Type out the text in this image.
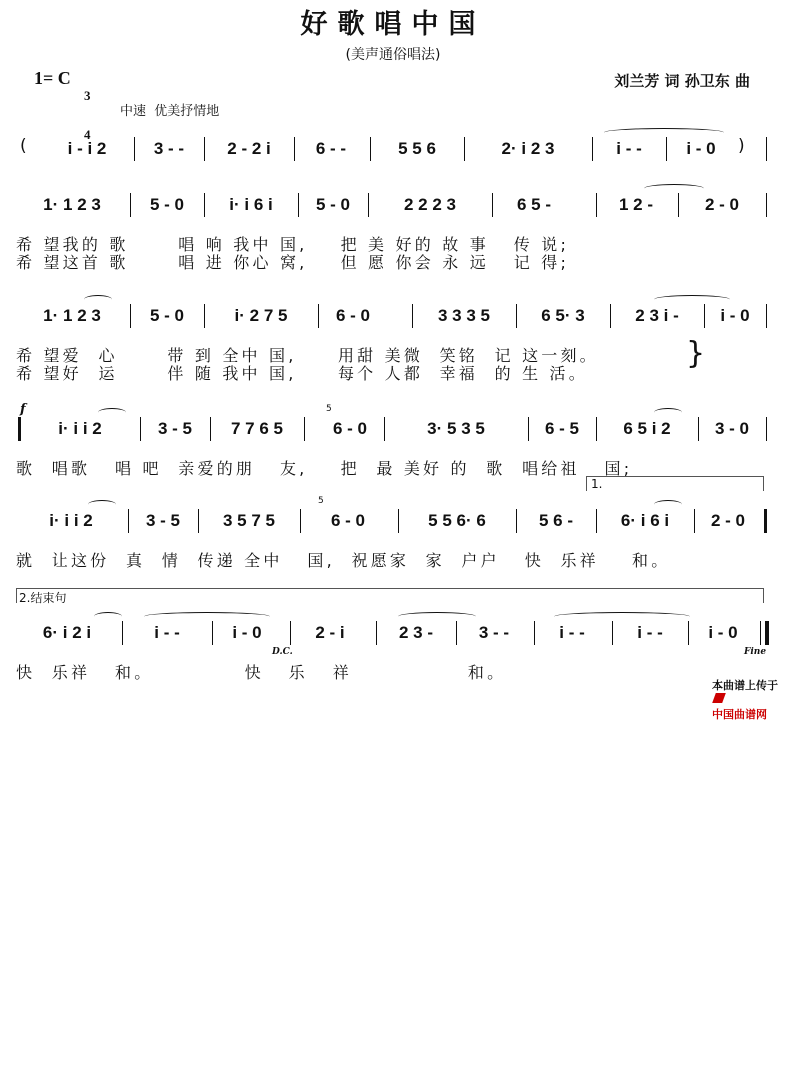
好歌唱中国
(美声通俗唱法)
1= C

3

4

刘兰芳 词 孙卫东 曲
中速  优美抒情地

(

	i - i 2

	3 - -

	2 - 2 i

	6 - -

	5 5 6

	2· i 2 3

	i - -

	i - 0

	)

1· 1 2 3

	5 - 0

	i· i 6 i

	5 - 0

	2 2 2 3

	6 5 -

	1 2 -

	2 - 0

希 望我的 歌      唱 响 我中 国,    把 美 好的 故 事   传 说;
希 望这首 歌      唱 进 你心 窝,    但 愿 你会 永 远   记 得;

1· 1 2 3

	5 - 0

	i· 2 7 5

	6 - 0

	3 3 3 5

	6 5· 3

	2 3 i -

	i - 0

希 望爱  心      带 到 全中 国,     用甜 美微  笑铭  记 这一刻。
希 望好  运      伴 随 我中 国,     每个 人都  幸福  的 生 活。
}
f

i· i i 2

	3 - 5

	7 7 6 5

5

6 - 0

	3· 5 3 5

	6 - 5

	6 5 i 2

	3 - 0

歌  唱歌   唱 吧  亲爱的朋   友,    把  最 美好 的  歌  唱给祖   国;
1.

i· i i 2

	3 - 5

	3 5 7 5

5

6 - 0

	5 5 6· 6

	5 6 -

	6· i 6 i

	2 - 0

就  让这份  真  情  传递 全中   国,  祝愿家  家  户户   快  乐祥    和。
2.结束句

6· i 2 i

	i - -

	i - 0

	2 - i

	2 3 -

	3 - -

	i - -

	i - -

	i - 0

D.C.	Fine
快  乐祥   和。           快   乐   祥              和。

本曲谱上传于

中国曲谱网
